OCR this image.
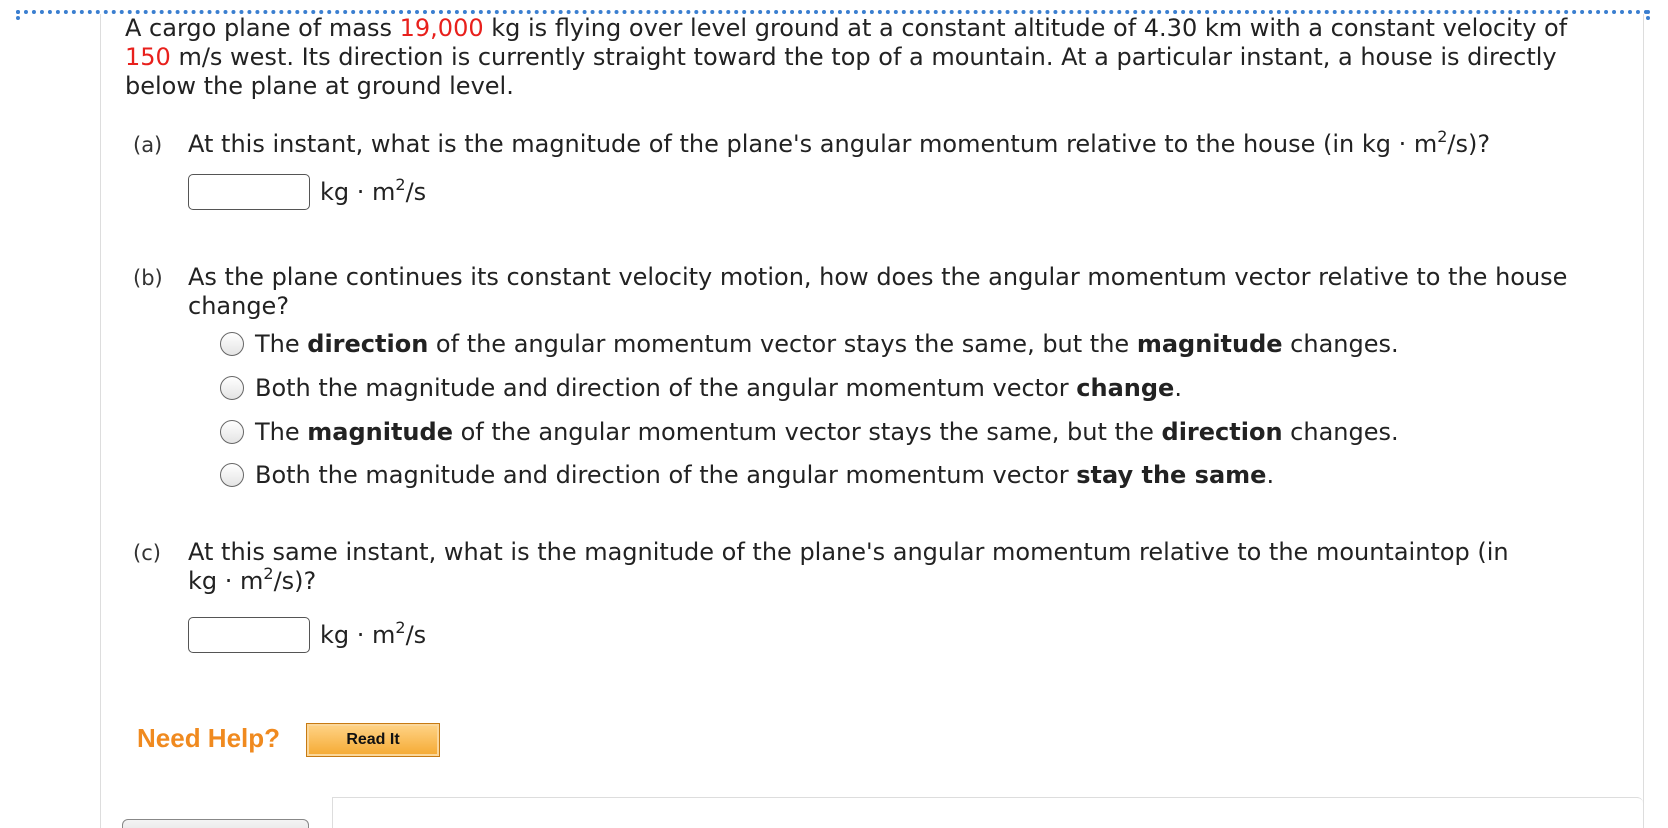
A cargo plane of mass 19,000 kg is flying over level ground at a constant altitude of 4.30 km with a constant velocity of
150 m/s west. Its direction is currently straight toward the top of a mountain. At a particular instant, a house is directly below the plane at ground level.
(a)	At this instant, what is the magnitude of the plane's angular momentum relative to the house (in kg · $m^2/s$)?
kg · $m^2/s$
(b)	As the plane continues its constant velocity motion, how does the angular momentum vector relative to the house change?
The direction of the angular momentum vector stays the same, but the magnitude changes.
Both the magnitude and direction of the angular momentum vector change.
The magnitude of the angular momentum vector stays the same, but the direction changes.
Both the magnitude and direction of the angular momentum vector stay the same.
(c)	At this same instant, what is the magnitude of the plane's angular momentum relative to the mountaintop (in
kg · $m^2/s$)?
kg · $m^2/s$
Need Help?	Read It
